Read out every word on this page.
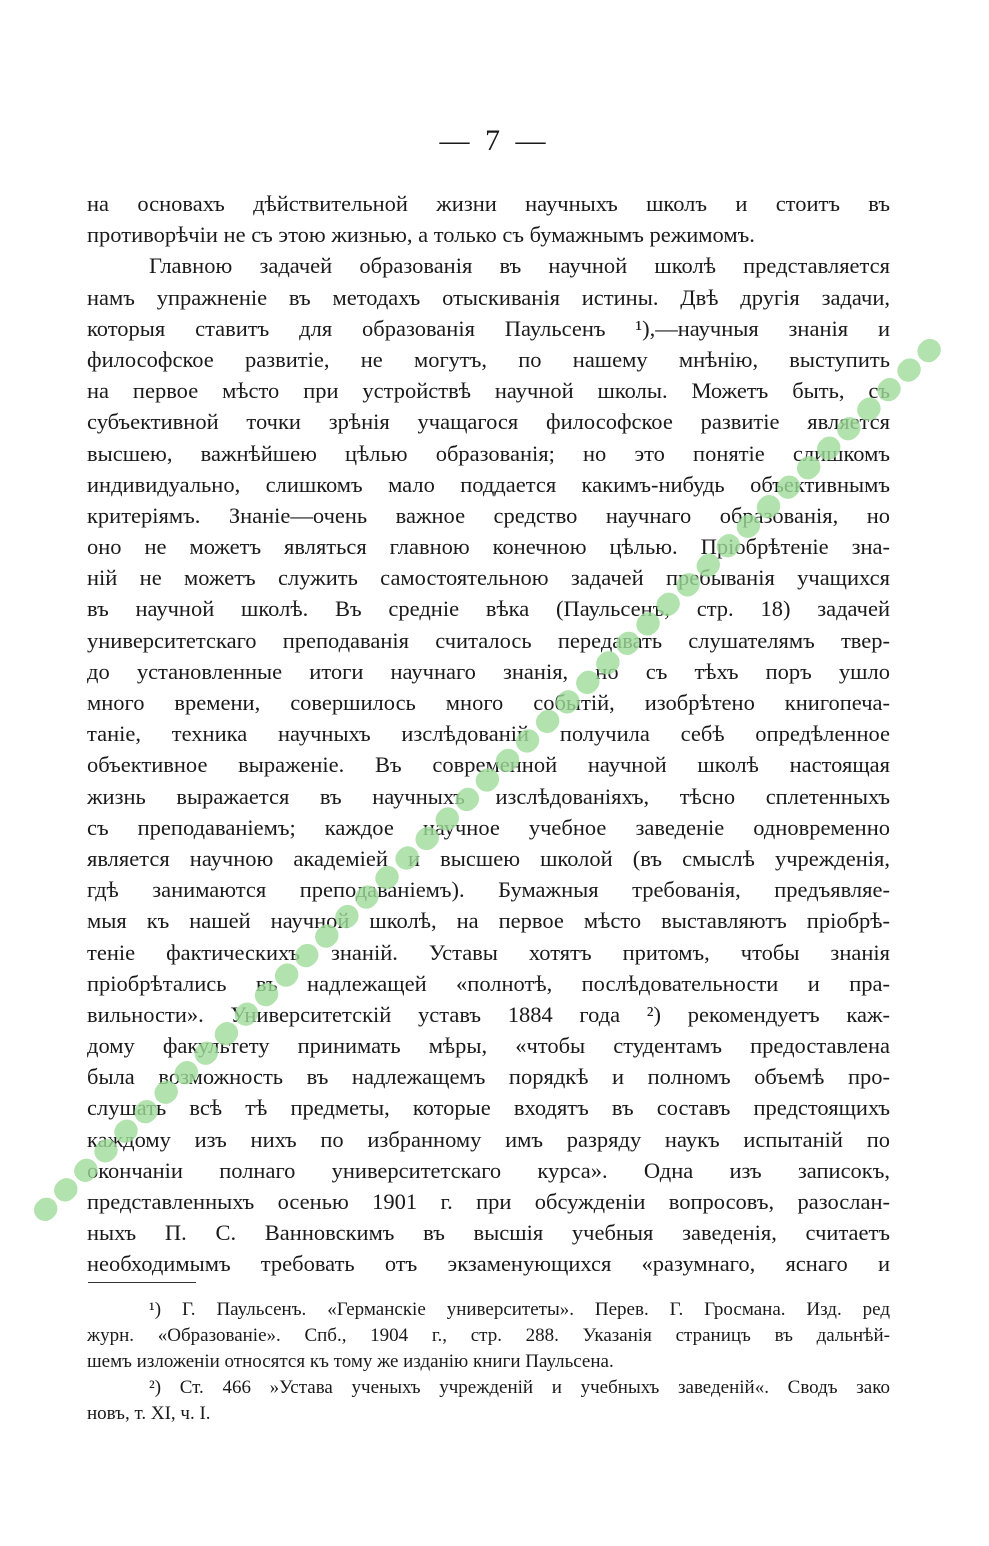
— 7 —
на основахъ дѣйствительной жизни научныхъ школъ и стоитъ въ
противорѣчіи не съ этою жизнью, а только съ бумажнымъ режимомъ.
Главною задачей образованія въ научной школѣ представляется
намъ упражненіе въ методахъ отыскиванія истины. Двѣ другія задачи,
которыя ставитъ для образованія Паульсенъ ¹),—научныя знанія и
философское развитіе, не могутъ, по нашему мнѣнію, выступить
на первое мѣсто при устройствѣ научной школы. Можетъ быть, съ
субъективной точки зрѣнія учащагося философское развитіе является
высшею, важнѣйшею цѣлью образованія; но это понятіе слишкомъ
индивидуально, слишкомъ мало поддается какимъ-нибудь объективнымъ
критеріямъ. Знаніе—очень важное средство научнаго образованія, но
оно не можетъ являться главною конечною цѣлью. Пріобрѣтеніе зна-
ній не можетъ служить самостоятельною задачей пребыванія учащихся
въ научной школѣ. Въ средніе вѣка (Паульсенъ, стр. 18) задачей
университетскаго преподаванія считалось передавать слушателямъ твер-
до установленные итоги научнаго знанія, но съ тѣхъ поръ ушло
много времени, совершилось много событій, изобрѣтено книгопеча-
таніе, техника научныхъ изслѣдованій получила себѣ опредѣленное
объективное выраженіе. Въ современной научной школѣ настоящая
жизнь выражается въ научныхъ изслѣдованіяхъ, тѣсно сплетенныхъ
съ преподаваніемъ; каждое научное учебное заведеніе одновременно
является научною академіей и высшею школой (въ смыслѣ учрежденія,
гдѣ занимаются преподаваніемъ). Бумажныя требованія, предъявляе-
мыя къ нашей научной школѣ, на первое мѣсто выставляютъ пріобрѣ-
теніе фактическихъ знаній. Уставы хотятъ притомъ, чтобы знанія
пріобрѣтались въ надлежащей «полнотѣ, послѣдовательности и пра-
вильности». Университетскій уставъ 1884 года ²) рекомендуетъ каж-
дому факультету принимать мѣры, «чтобы студентамъ предоставлена
была возможность въ надлежащемъ порядкѣ и полномъ объемѣ про-
слушать всѣ тѣ предметы, которые входятъ въ составъ предстоящихъ
каждому изъ нихъ по избранному имъ разряду наукъ испытаній по
окончаніи полнаго университетскаго курса». Одна изъ записокъ,
представленныхъ осенью 1901 г. при обсужденіи вопросовъ, разослан-
ныхъ П. С. Ванновскимъ въ высшія учебныя заведенія, считаетъ
необходимымъ требовать отъ экзаменующихся «разумнаго, яснаго и
¹) Г. Паульсенъ. «Германскіе университеты». Перев. Г. Гросмана. Изд. ред
журн. «Образованіе». Спб., 1904 г., стр. 288. Указанія страницъ въ дальнѣй-
шемъ изложеніи относятся къ тому же изданію книги Паульсена.
²) Ст. 466 »Устава ученыхъ учрежденій и учебныхъ заведеній«. Сводъ зако
новъ, т. XI, ч. I.
